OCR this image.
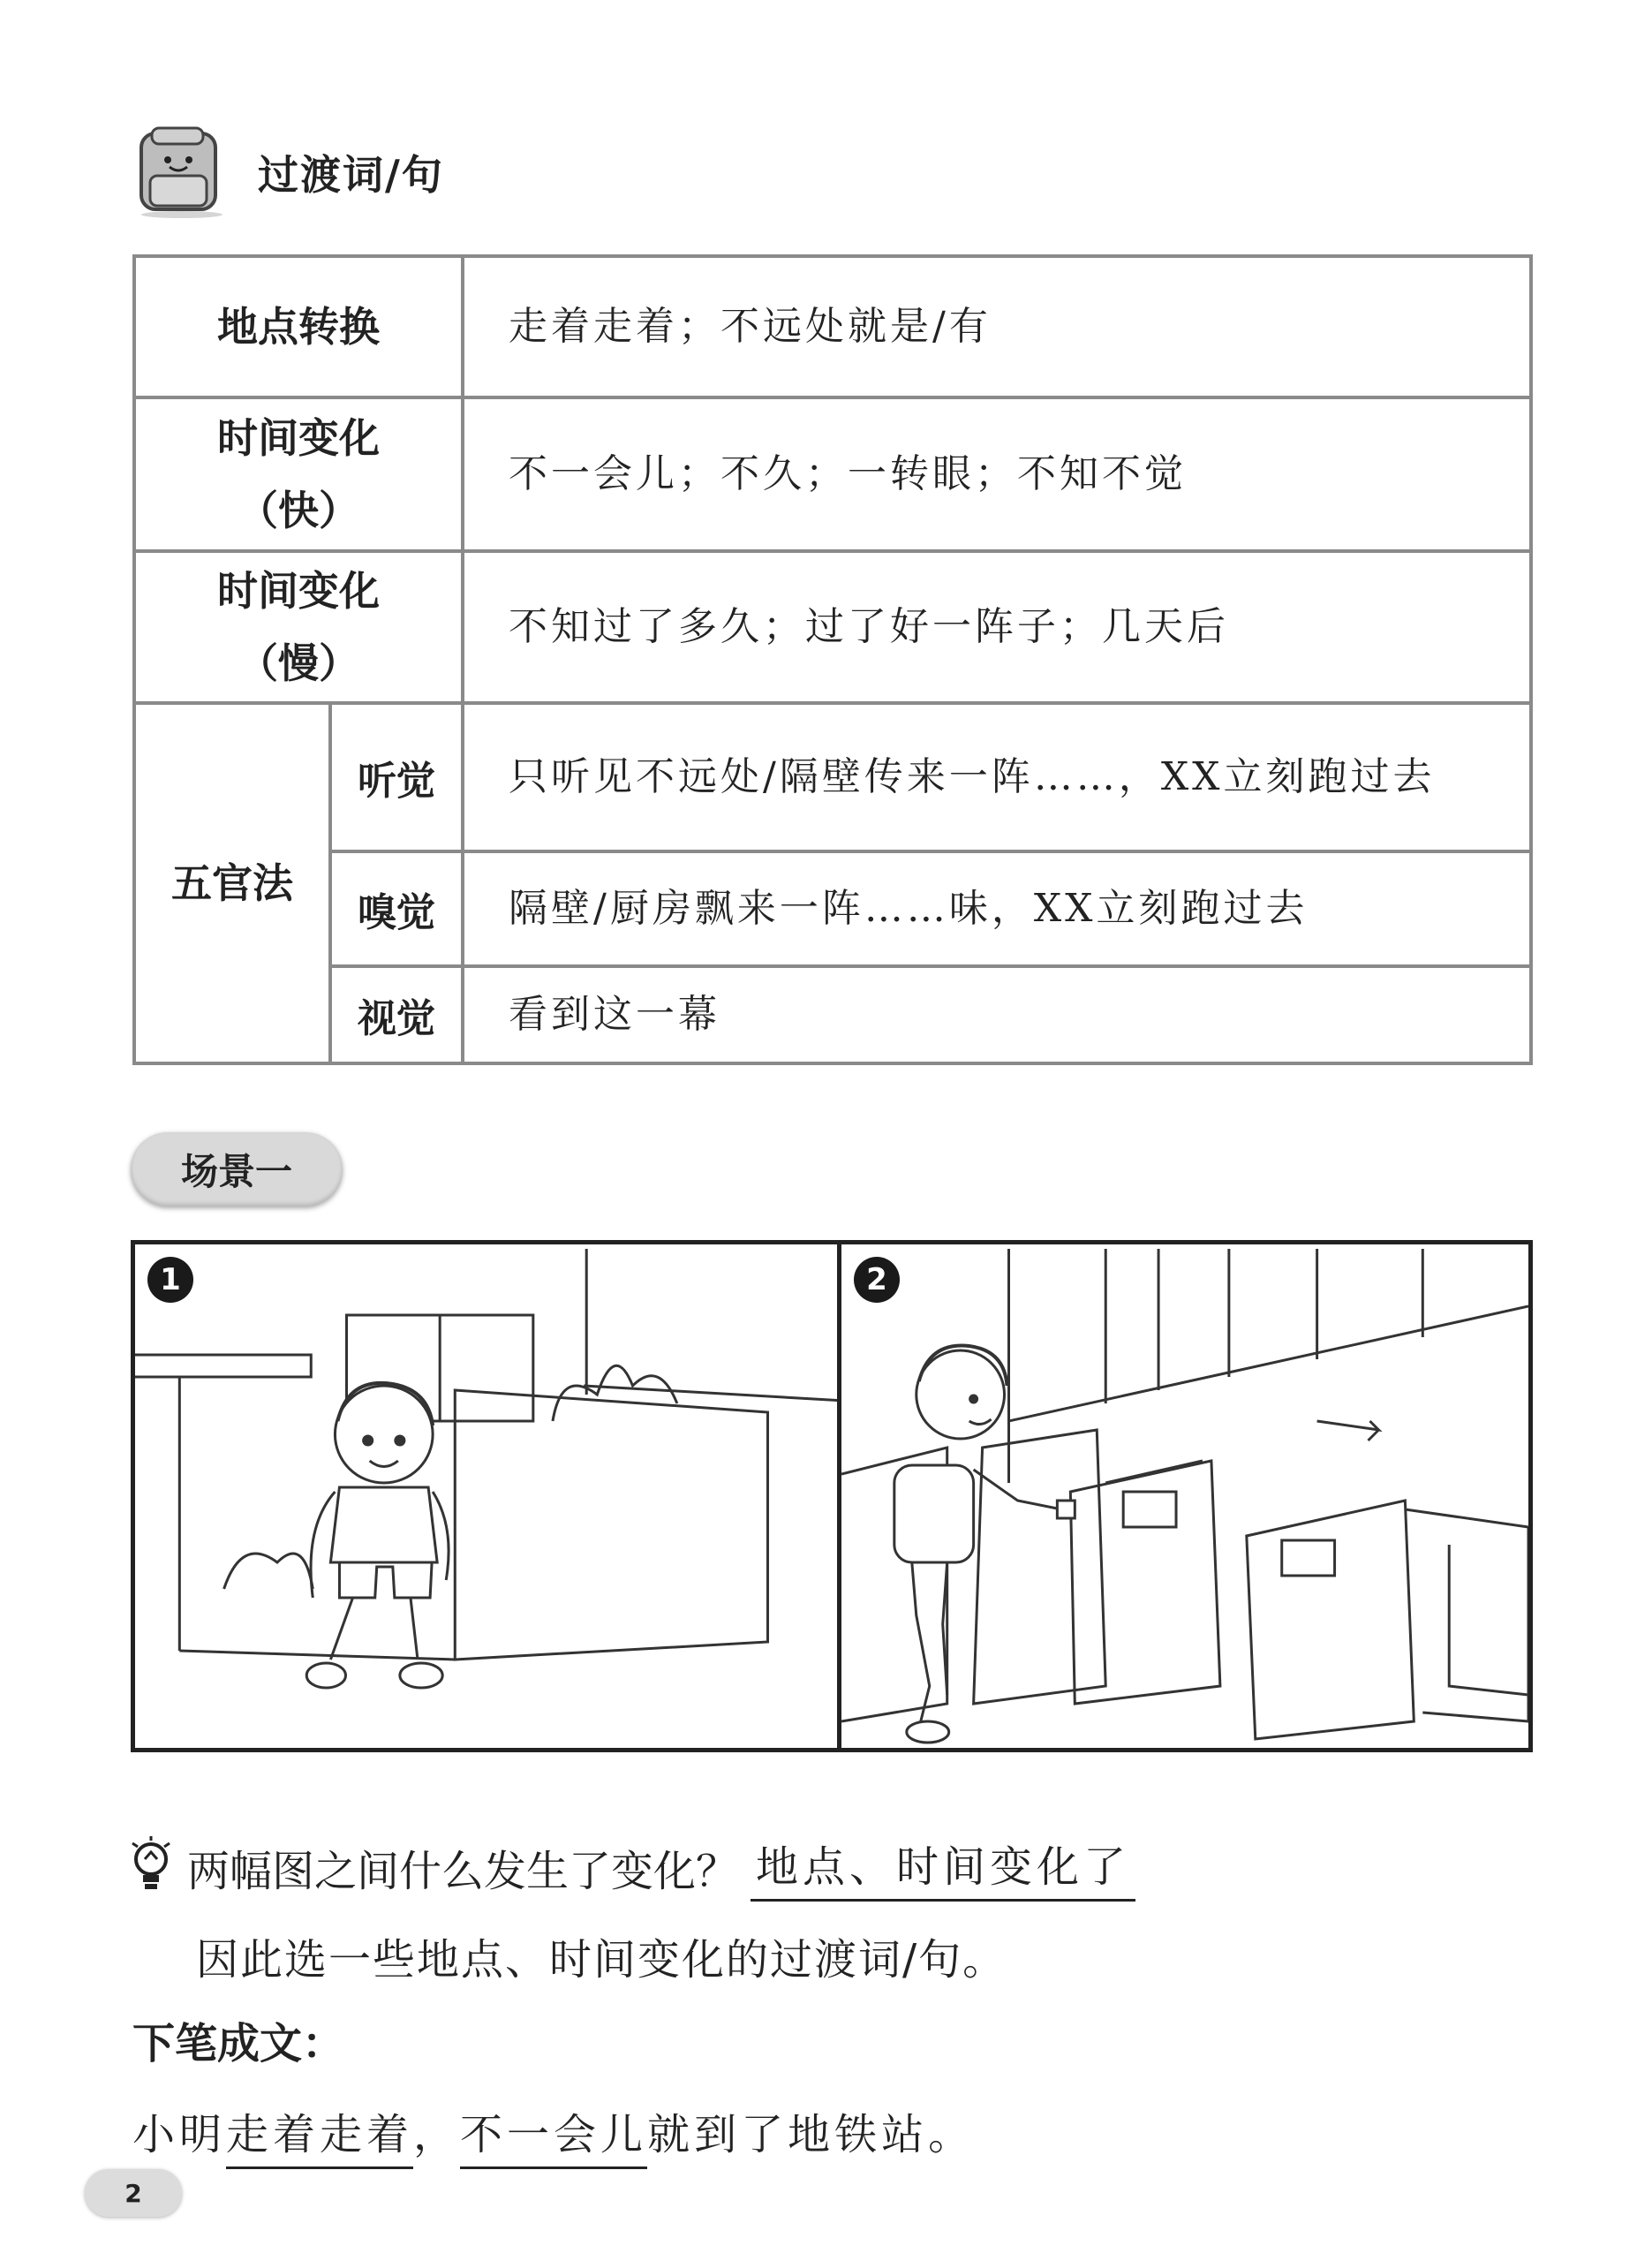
过渡词/句
地点转换		走着走着；不远处就是/有

时间变化
（快）		不一会儿；不久；一转眼；不知不觉

时间变化
（慢）		不知过了多久；过了好一阵子；几天后
五官法	听觉	只听见不远处/隔壁传来一阵……，XX立刻跑过去
	嗅觉	隔壁/厨房飘来一阵……味，XX立刻跑过去
	视觉	看到这一幕
场景一
1	2
两幅图之间什么发生了变化？ 地点、时间变化了
因此选一些地点、时间变化的过渡词/句。
下笔成文：
小明 走着走着 ， 不一会儿 就到了地铁站。
2
